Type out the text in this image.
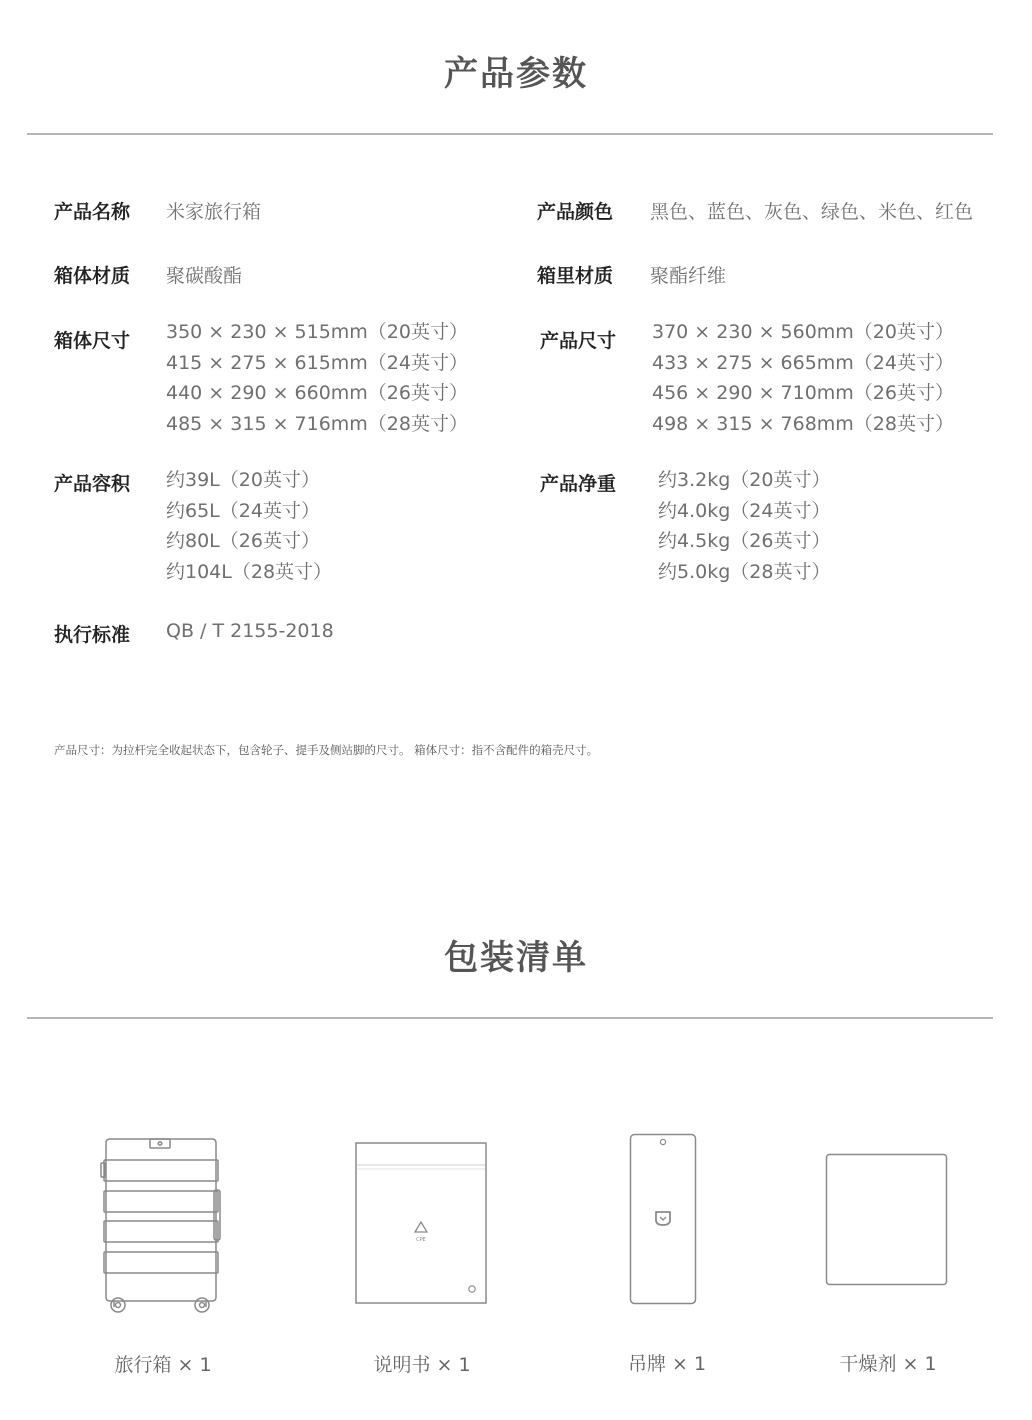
产品参数
产品名称 米家旅行箱	产品颜色 黑色、蓝色、灰色、绿色、米色、红色
箱体材质 聚碳酸酯	箱里材质 聚酯纤维
箱体尺寸 350 × 230 × 515mm（20英寸）
415 × 275 × 615mm（24英寸）
440 × 290 × 660mm（26英寸）
485 × 315 × 716mm（28英寸）
产品尺寸 370 × 230 × 560mm（20英寸）
433 × 275 × 665mm（24英寸）
456 × 290 × 710mm（26英寸）
498 × 315 × 768mm（28英寸）
产品容积 约39L（20英寸）
约65L（24英寸）
约80L（26英寸）
约104L（28英寸）
产品净重 约3.2kg（20英寸）
约4.0kg（24英寸）
约4.5kg（26英寸）
约5.0kg（28英寸）
执行标准 QB / T 2155-2018
产品尺寸：为拉杆完全收起状态下，包含轮子、提手及侧站脚的尺寸。 箱体尺寸：指不含配件的箱壳尺寸。
包装清单
CPE
旅行箱 × 1	说明书 × 1	吊牌 × 1	干燥剂 × 1
